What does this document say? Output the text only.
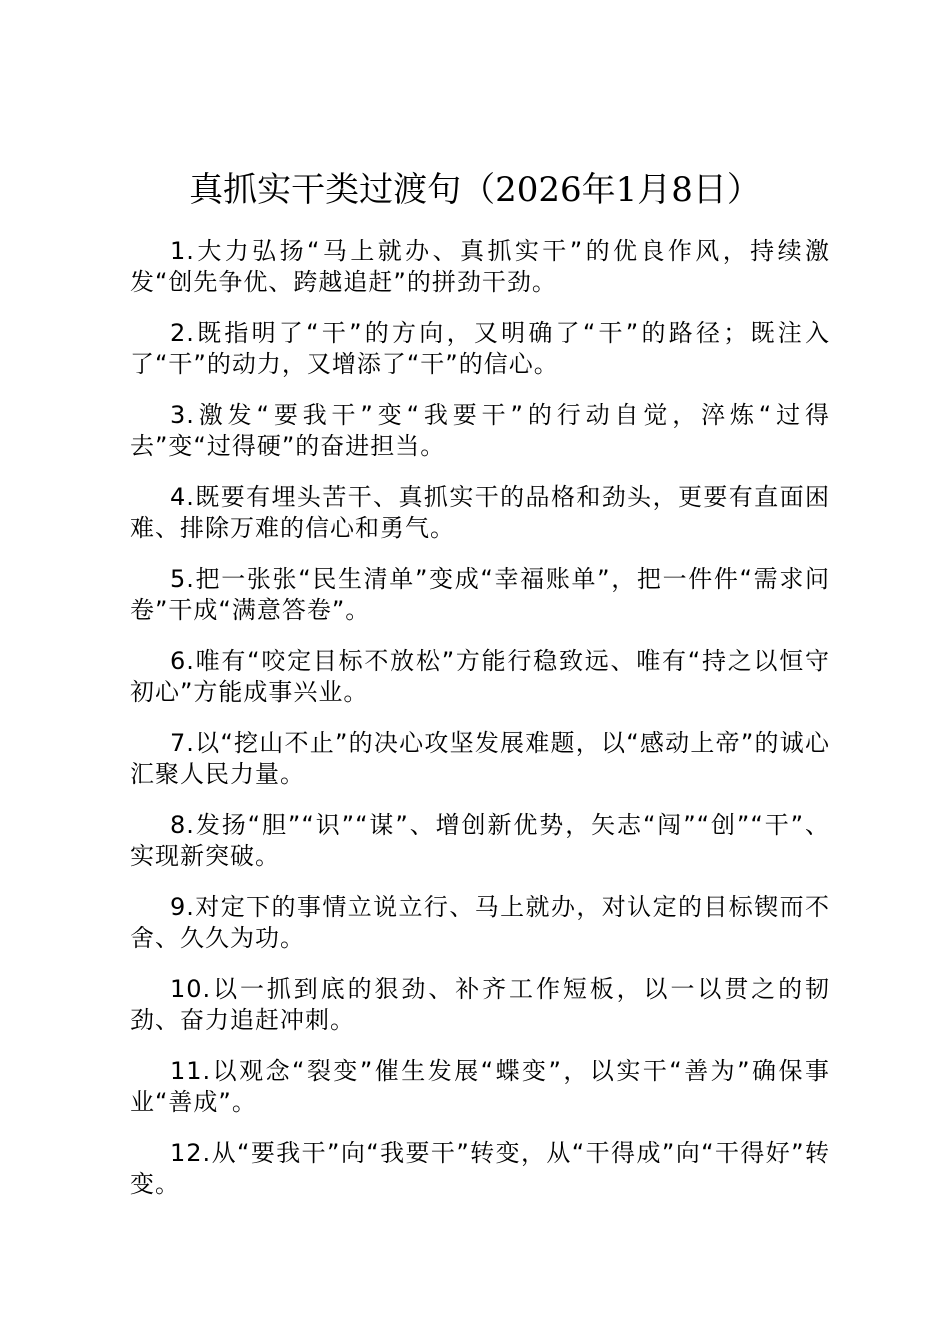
真抓实干类过渡句（2026年1月8日）

1.大力弘扬“马上就办、真抓实干”的优良作风，持续激发“创先争优、跨越追赶”的拼劲干劲。

2.既指明了“干”的方向，又明确了“干”的路径；既注入了“干”的动力，又增添了“干”的信心。

3.激发“要我干”变“我要干”的行动自觉，淬炼“过得去”变“过得硬”的奋进担当。

4.既要有埋头苦干、真抓实干的品格和劲头，更要有直面困难、排除万难的信心和勇气。

5.把一张张“民生清单”变成“幸福账单”，把一件件“需求问卷”干成“满意答卷”。

6.唯有“咬定目标不放松”方能行稳致远、唯有“持之以恒守初心”方能成事兴业。

7.以“挖山不止”的决心攻坚发展难题，以“感动上帝”的诚心汇聚人民力量。

8.发扬“胆”“识”“谋”、增创新优势，矢志“闯”“创”“干”、实现新突破。

9.对定下的事情立说立行、马上就办，对认定的目标锲而不舍、久久为功。

10.以一抓到底的狠劲、补齐工作短板，以一以贯之的韧劲、奋力追赶冲刺。

11.以观念“裂变”催生发展“蝶变”，以实干“善为”确保事业“善成”。

12.从“要我干”向“我要干”转变，从“干得成”向“干得好”转变。
